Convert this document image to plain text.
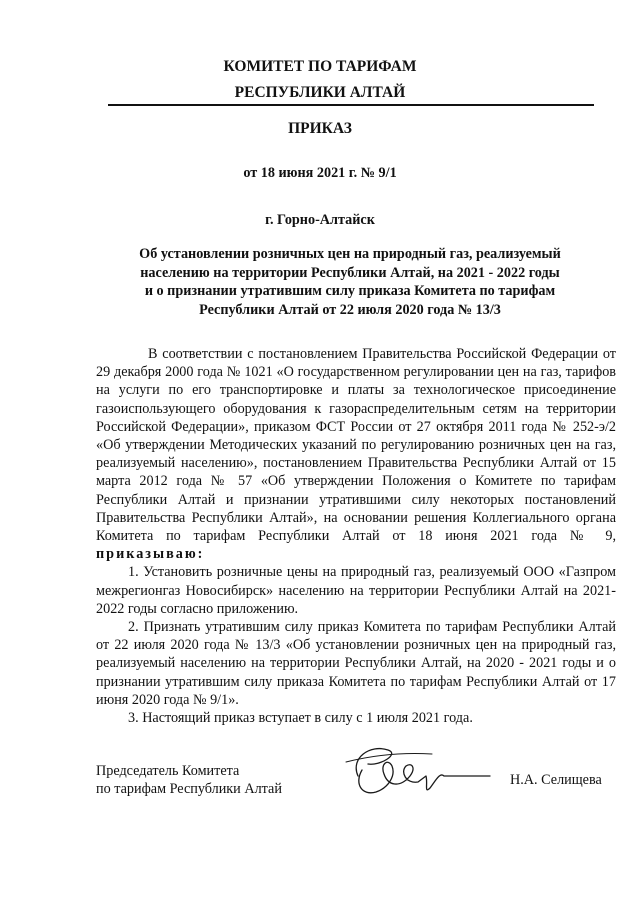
КОМИТЕТ ПО ТАРИФАМ
РЕСПУБЛИКИ АЛТАЙ
ПРИКАЗ
от 18 июня 2021 г. № 9/1
г. Горно-Алтайск
Об установлении розничных цен на природный газ, реализуемый
населению на территории Республики Алтай, на 2021 - 2022 годы
и о признании утратившим силу приказа Комитета по тарифам
Республики Алтай от 22 июля 2020 года № 13/3

В соответствии с постановлением Правительства Российской Федерации от 29 декабря 2000 года № 1021 «О государственном регулировании цен на газ, тарифов на услуги по его транспортировке и платы за технологическое присоединение газоиспользующего оборудования к газораспределительным сетям на территории Российской Федерации», приказом ФСТ России от 27 октября 2011 года № 252-э/2 «Об утверждении Методических указаний по регулированию розничных цен на газ, реализуемый населению», постановлением Правительства Республики Алтай от 15 марта 2012 года № 57 «Об утверждении Положения о Комитете по тарифам Республики Алтай и признании утратившими силу некоторых постановлений Правительства Республики Алтай», на основании решения Коллегиального органа Комитета по тарифам Республики Алтай от 18 июня 2021 года № 9, приказываю:

1. Установить розничные цены на природный газ, реализуемый ООО «Газпром межрегионгаз Новосибирск» населению на территории Республики Алтай на 2021-2022 годы согласно приложению.

2. Признать утратившим силу приказ Комитета по тарифам Республики Алтай от 22 июля 2020 года № 13/3 «Об установлении розничных цен на природный газ, реализуемый населению на территории Республики Алтай, на 2020 - 2021 годы и о признании утратившим силу приказа Комитета по тарифам Республики Алтай от 17 июня 2020 года № 9/1».

3. Настоящий приказ вступает в силу с 1 июля 2021 года.

Председатель Комитета
по тарифам Республики Алтай
Н.А. Селищева
